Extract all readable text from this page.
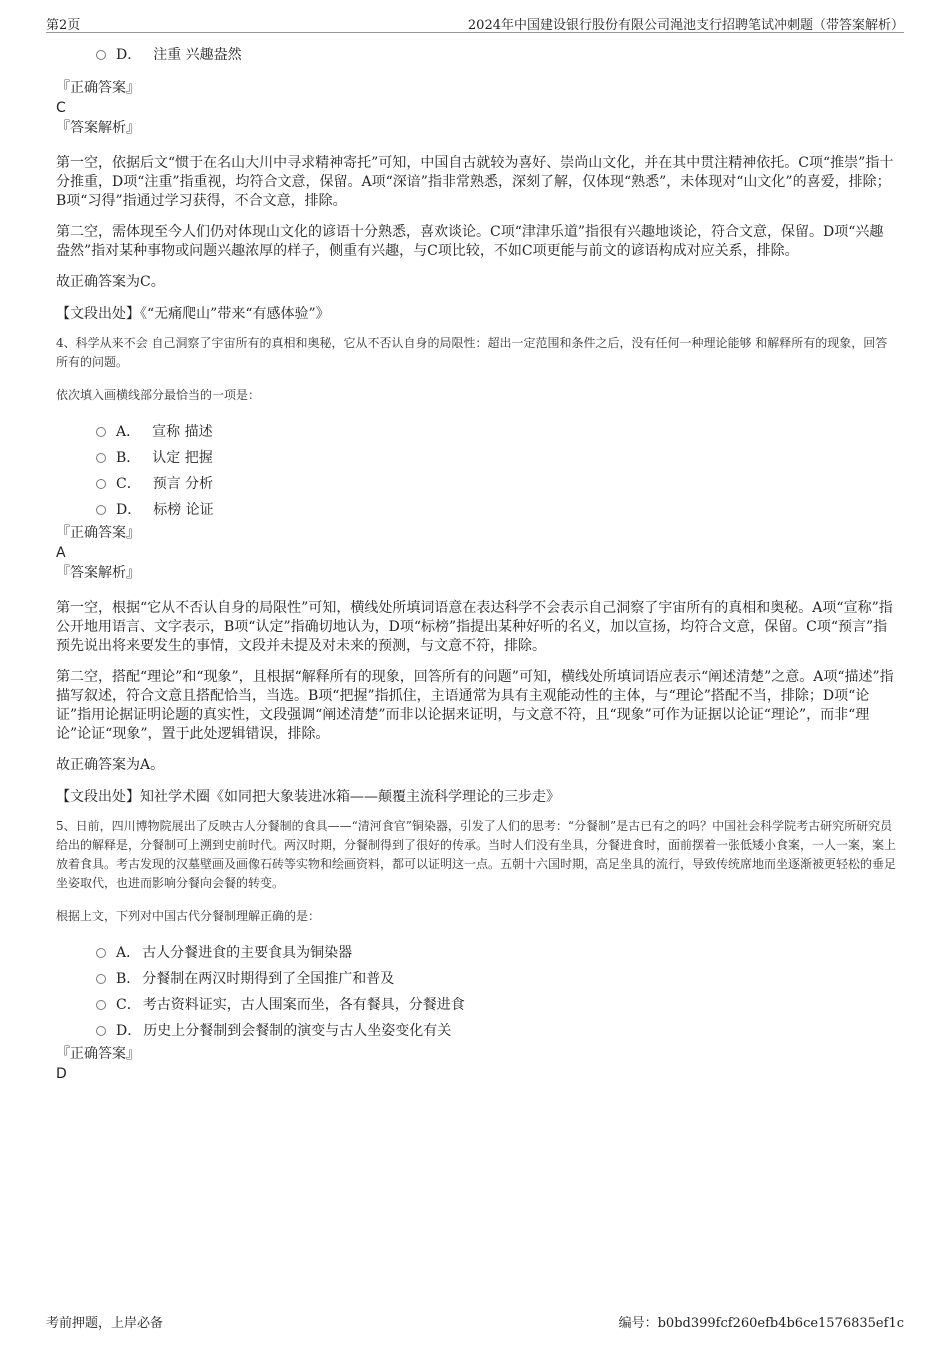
第2页	2024年中国建设银行股份有限公司渑池支行招聘笔试冲刺题（带答案解析）
D． 注重 兴趣盎然
『正确答案』
C
『答案解析』
第一空，依据后文“惯于在名山大川中寻求精神寄托”可知，中国自古就较为喜好、崇尚山文化，并在其中贯注精神依托。C项“推崇”指十分推重，D项“注重”指重视，均符合文意，保留。A项“深谙”指非常熟悉，深刻了解，仅体现“熟悉”，未体现对“山文化”的喜爱，排除；B项“习得”指通过学习获得，不合文意，排除。
第二空，需体现至今人们仍对体现山文化的谚语十分熟悉，喜欢谈论。C项“津津乐道”指很有兴趣地谈论，符合文意，保留。D项“兴趣盎然”指对某种事物或问题兴趣浓厚的样子，侧重有兴趣，与C项比较，不如C项更能与前文的谚语构成对应关系，排除。
故正确答案为C。
【文段出处】《“无痛爬山”带来“有感体验”》
4、科学从来不会 自己洞察了宇宙所有的真相和奥秘，它从不否认自身的局限性：超出一定范围和条件之后，没有任何一种理论能够 和解释所有的现象，回答所有的问题。
依次填入画横线部分最恰当的一项是：
A． 宣称 描述
B． 认定 把握
C． 预言 分析
D． 标榜 论证
『正确答案』
A
『答案解析』
第一空，根据“它从不否认自身的局限性”可知，横线处所填词语意在表达科学不会表示自己洞察了宇宙所有的真相和奥秘。A项“宣称”指公开地用语言、文字表示，B项“认定”指确切地认为，D项“标榜”指提出某种好听的名义，加以宣扬，均符合文意，保留。C项“预言”指预先说出将来要发生的事情，文段并未提及对未来的预测，与文意不符，排除。
第二空，搭配“理论”和“现象”，且根据“解释所有的现象，回答所有的问题”可知，横线处所填词语应表示“阐述清楚”之意。A项“描述”指描写叙述，符合文意且搭配恰当，当选。B项“把握”指抓住，主语通常为具有主观能动性的主体，与“理论”搭配不当，排除；D项“论证”指用论据证明论题的真实性，文段强调“阐述清楚”而非以论据来证明，与文意不符，且“现象”可作为证据以论证“理论”，而非“理论”论证“现象”，置于此处逻辑错误，排除。
故正确答案为A。
【文段出处】知社学术圈《如同把大象装进冰箱——颠覆主流科学理论的三步走》
5、日前，四川博物院展出了反映古人分餐制的食具——“清河食官”铜染器，引发了人们的思考：“分餐制”是古已有之的吗？中国社会科学院考古研究所研究员给出的解释是，分餐制可上溯到史前时代。两汉时期，分餐制得到了很好的传承。当时人们没有坐具，分餐进食时，面前摆着一张低矮小食案，一人一案，案上放着食具。考古发现的汉墓壁画及画像石砖等实物和绘画资料，都可以证明这一点。五朝十六国时期，高足坐具的流行，导致传统席地而坐逐渐被更轻松的垂足坐姿取代，也进而影响分餐向会餐的转变。
根据上文，下列对中国古代分餐制理解正确的是：
A． 古人分餐进食的主要食具为铜染器
B． 分餐制在两汉时期得到了全国推广和普及
C． 考古资料证实，古人围案而坐，各有餐具，分餐进食
D． 历史上分餐制到会餐制的演变与古人坐姿变化有关
『正确答案』
D
考前押题，上岸必备	编号：b0bd399fcf260efb4b6ce1576835ef1c
